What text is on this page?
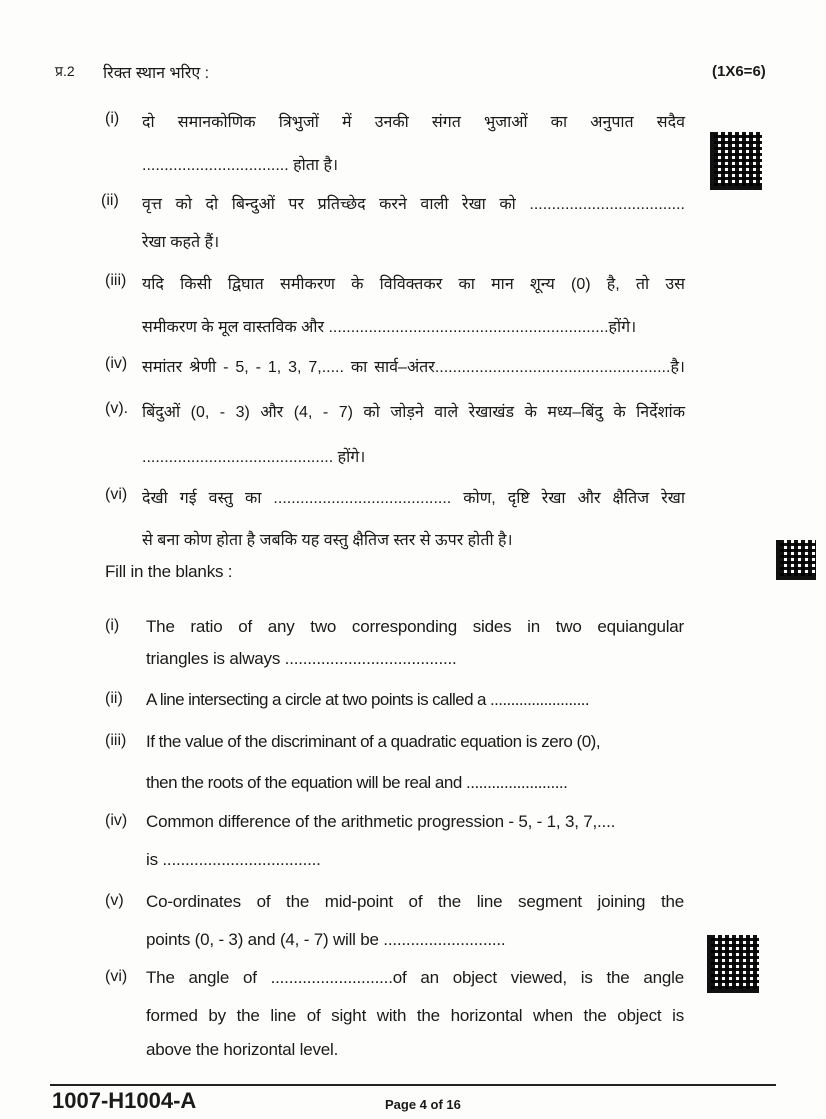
प्र.2 रिक्त स्थान भरिए :	(1X6=6)
(i) दो समानकोणिक त्रिभुजों में उनकी संगत भुजाओं का अनुपात सदैव
................................. होता है।
(ii) वृत्त को दो बिन्दुओं पर प्रतिच्छेद करने वाली रेखा को ...................................
रेखा कहते हैं।
(iii) यदि किसी द्विघात समीकरण के विविक्तकर का मान शून्य (0) है, तो उस
समीकरण के मूल वास्तविक और ...............................................................होंगे।
(iv) समांतर श्रेणी - 5, - 1, 3, 7,..... का सार्व–अंतर.....................................................है।
(v). बिंदुओं (0, - 3) और (4, - 7) को जोड़ने वाले रेखाखंड के मध्य–बिंदु के निर्देशांक
........................................... होंगे।
(vi) देखी गई वस्तु का ........................................ कोण, दृष्टि रेखा और क्षैतिज रेखा
से बना कोण होता है जबकि यह वस्तु क्षैतिज स्तर से ऊपर होती है।
Fill in the blanks :
(i) The ratio of any two corresponding sides in two equiangular
triangles is always ......................................
(ii) A line intersecting a circle at two points is called a ........................
(iii) If the value of the discriminant of a quadratic equation is zero (0),
then the roots of the equation will be real and ........................
(iv) Common difference of the arithmetic progression - 5, - 1, 3, 7,....
is ...................................
(v) Co-ordinates of the mid-point of the line segment joining the
points (0, - 3) and (4, - 7) will be ...........................
(vi) The angle of ...........................of an object viewed, is the angle
formed by the line of sight with the horizontal when the object is
above the horizontal level.
1007-H1004-A	Page 4 of 16
